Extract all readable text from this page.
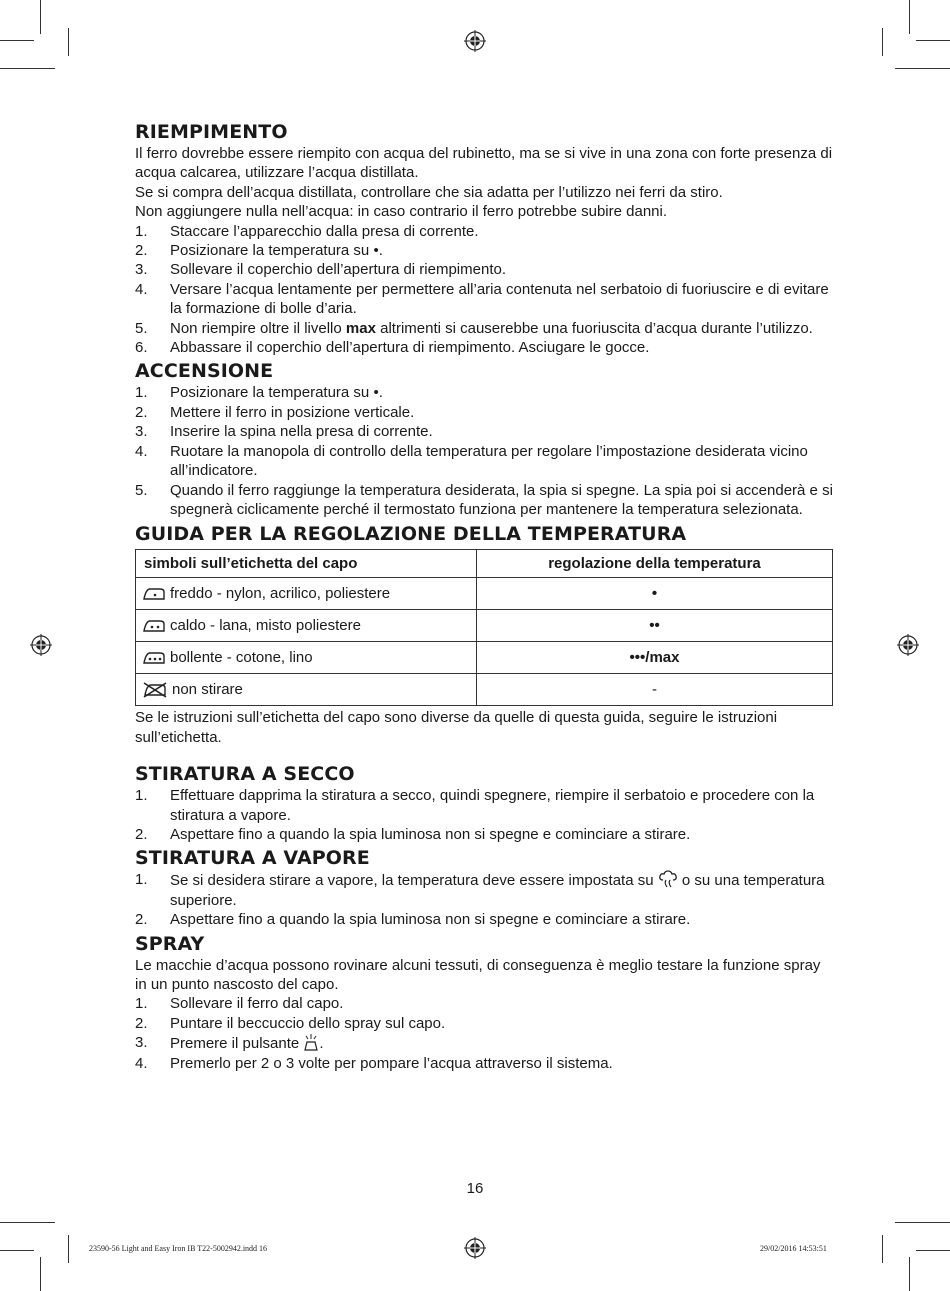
RIEMPIMENTO

Il ferro dovrebbe essere riempito con acqua del rubinetto, ma se si vive in una zona con forte presenza di acqua calcarea, utilizzare l’acqua distillata.

Se si compra dell’acqua distillata, controllare che sia adatta per l’utilizzo nei ferri da stiro.

Non aggiungere nulla nell’acqua: in caso contrario il ferro potrebbe subire danni.

1. Staccare l’apparecchio dalla presa di corrente.
2. Posizionare la temperatura su •.
3. Sollevare il coperchio dell’apertura di riempimento.
4. Versare l’acqua lentamente per permettere all’aria contenuta nel serbatoio di fuoriuscire e di evitare la formazione di bolle d’aria.
5. Non riempire oltre il livello max altrimenti si causerebbe una fuoriuscita d’acqua durante l’utilizzo.
6. Abbassare il coperchio dell’apertura di riempimento. Asciugare le gocce.
ACCENSIONE
1. Posizionare la temperatura su •.
2. Mettere il ferro in posizione verticale.
3. Inserire la spina nella presa di corrente.
4. Ruotare la manopola di controllo della temperatura per regolare l’impostazione desiderata vicino all’indicatore.
5. Quando il ferro raggiunge la temperatura desiderata, la spia si spegne. La spia poi si accenderà e si spegnerà ciclicamente perché il termostato funziona per mantenere la temperatura selezionata.
GUIDA PER LA REGOLAZIONE DELLA TEMPERATURA
simboli sull’etichetta del capo	regolazione della temperatura
freddo - nylon, acrilico, poliestere	•
caldo - lana, misto poliestere	••
bollente - cotone, lino	•••/max
non stirare	-

Se le istruzioni sull’etichetta del capo sono diverse da quelle di questa guida, seguire le istruzioni sull’etichetta.

STIRATURA A SECCO
1. Effettuare dapprima la stiratura a secco, quindi spegnere, riempire il serbatoio e procedere con la stiratura a vapore.
2. Aspettare fino a quando la spia luminosa non si spegne e cominciare a stirare.
STIRATURA A VAPORE
1. Se si desidera stirare a vapore, la temperatura deve essere impostata su  o su una temperatura superiore.
2. Aspettare fino a quando la spia luminosa non si spegne e cominciare a stirare.
SPRAY

Le macchie d’acqua possono rovinare alcuni tessuti, di conseguenza è meglio testare la funzione spray in un punto nascosto del capo.

1. Sollevare il ferro dal capo.
2. Puntare il beccuccio dello spray sul capo.
3. Premere il pulsante .
4. Premerlo per 2 o 3 volte per pompare l’acqua attraverso il sistema.
16
23590-56 Light and Easy Iron IB T22-5002942.indd 16	29/02/2016 14:53:51
